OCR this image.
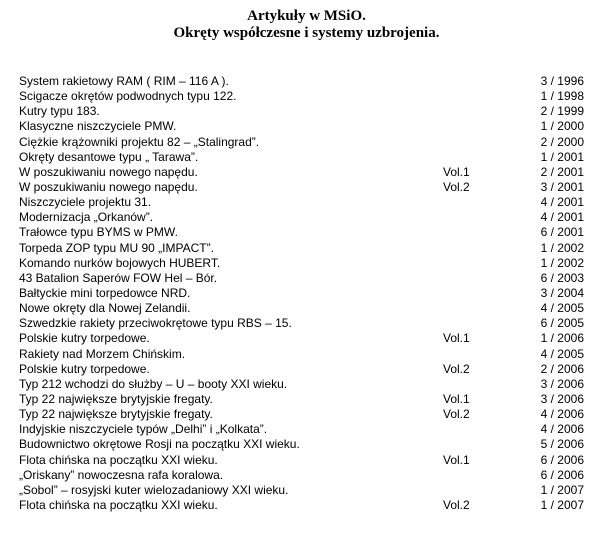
Artykuły w MSiO.
Okręty współczesne i systemy uzbrojenia.
System rakietowy RAM ( RIM – 116 A ).	3 / 1996
Scigacze okrętów podwodnych typu 122.	1 / 1998
Kutry typu 183.	2 / 1999
Klasyczne niszczyciele PMW.	1 / 2000
Ciężkie krążowniki projektu 82 – „Stalingrad”.	2 / 2000
Okręty desantowe typu „ Tarawa”.	1 / 2001
W poszukiwaniu nowego napędu.	Vol.1	2 / 2001
W poszukiwaniu nowego napędu.	Vol.2	3 / 2001
Niszczyciele projektu 31.	4 / 2001
Modernizacja „Orkanów”.	4 / 2001
Trałowce typu BYMS w PMW.	6 / 2001
Torpeda ZOP typu MU 90 „IMPACT”.	1 / 2002
Komando nurków bojowych HUBERT.	1 / 2002
43 Batalion Saperów FOW Hel – Bór.	6 / 2003
Bałtyckie mini torpedowce NRD.	3 / 2004
Nowe okręty dla Nowej Zelandii.	4 / 2005
Szwedzkie rakiety przeciwokrętowe typu RBS – 15.	6 / 2005
Polskie kutry torpedowe.	Vol.1	1 / 2006
Rakiety nad Morzem Chińskim.	4 / 2005
Polskie kutry torpedowe.	Vol.2	2 / 2006
Typ 212 wchodzi do służby – U – booty XXI wieku.	3 / 2006
Typ 22 największe brytyjskie fregaty.	Vol.1	3 / 2006
Typ 22 największe brytyjskie fregaty.	Vol.2	4 / 2006
Indyjskie niszczyciele typów „Delhi” i „Kolkata”.	4 / 2006
Budownictwo okrętowe Rosji na początku XXI wieku.	5 / 2006
Flota chińska na początku XXI wieku.	Vol.1	6 / 2006
„Oriskany” nowoczesna rafa koralowa.	6 / 2006
„Sobol” – rosyjski kuter wielozadaniowy XXI wieku.	1 / 2007
Flota chińska na początku XXI wieku.	Vol.2	1 / 2007
